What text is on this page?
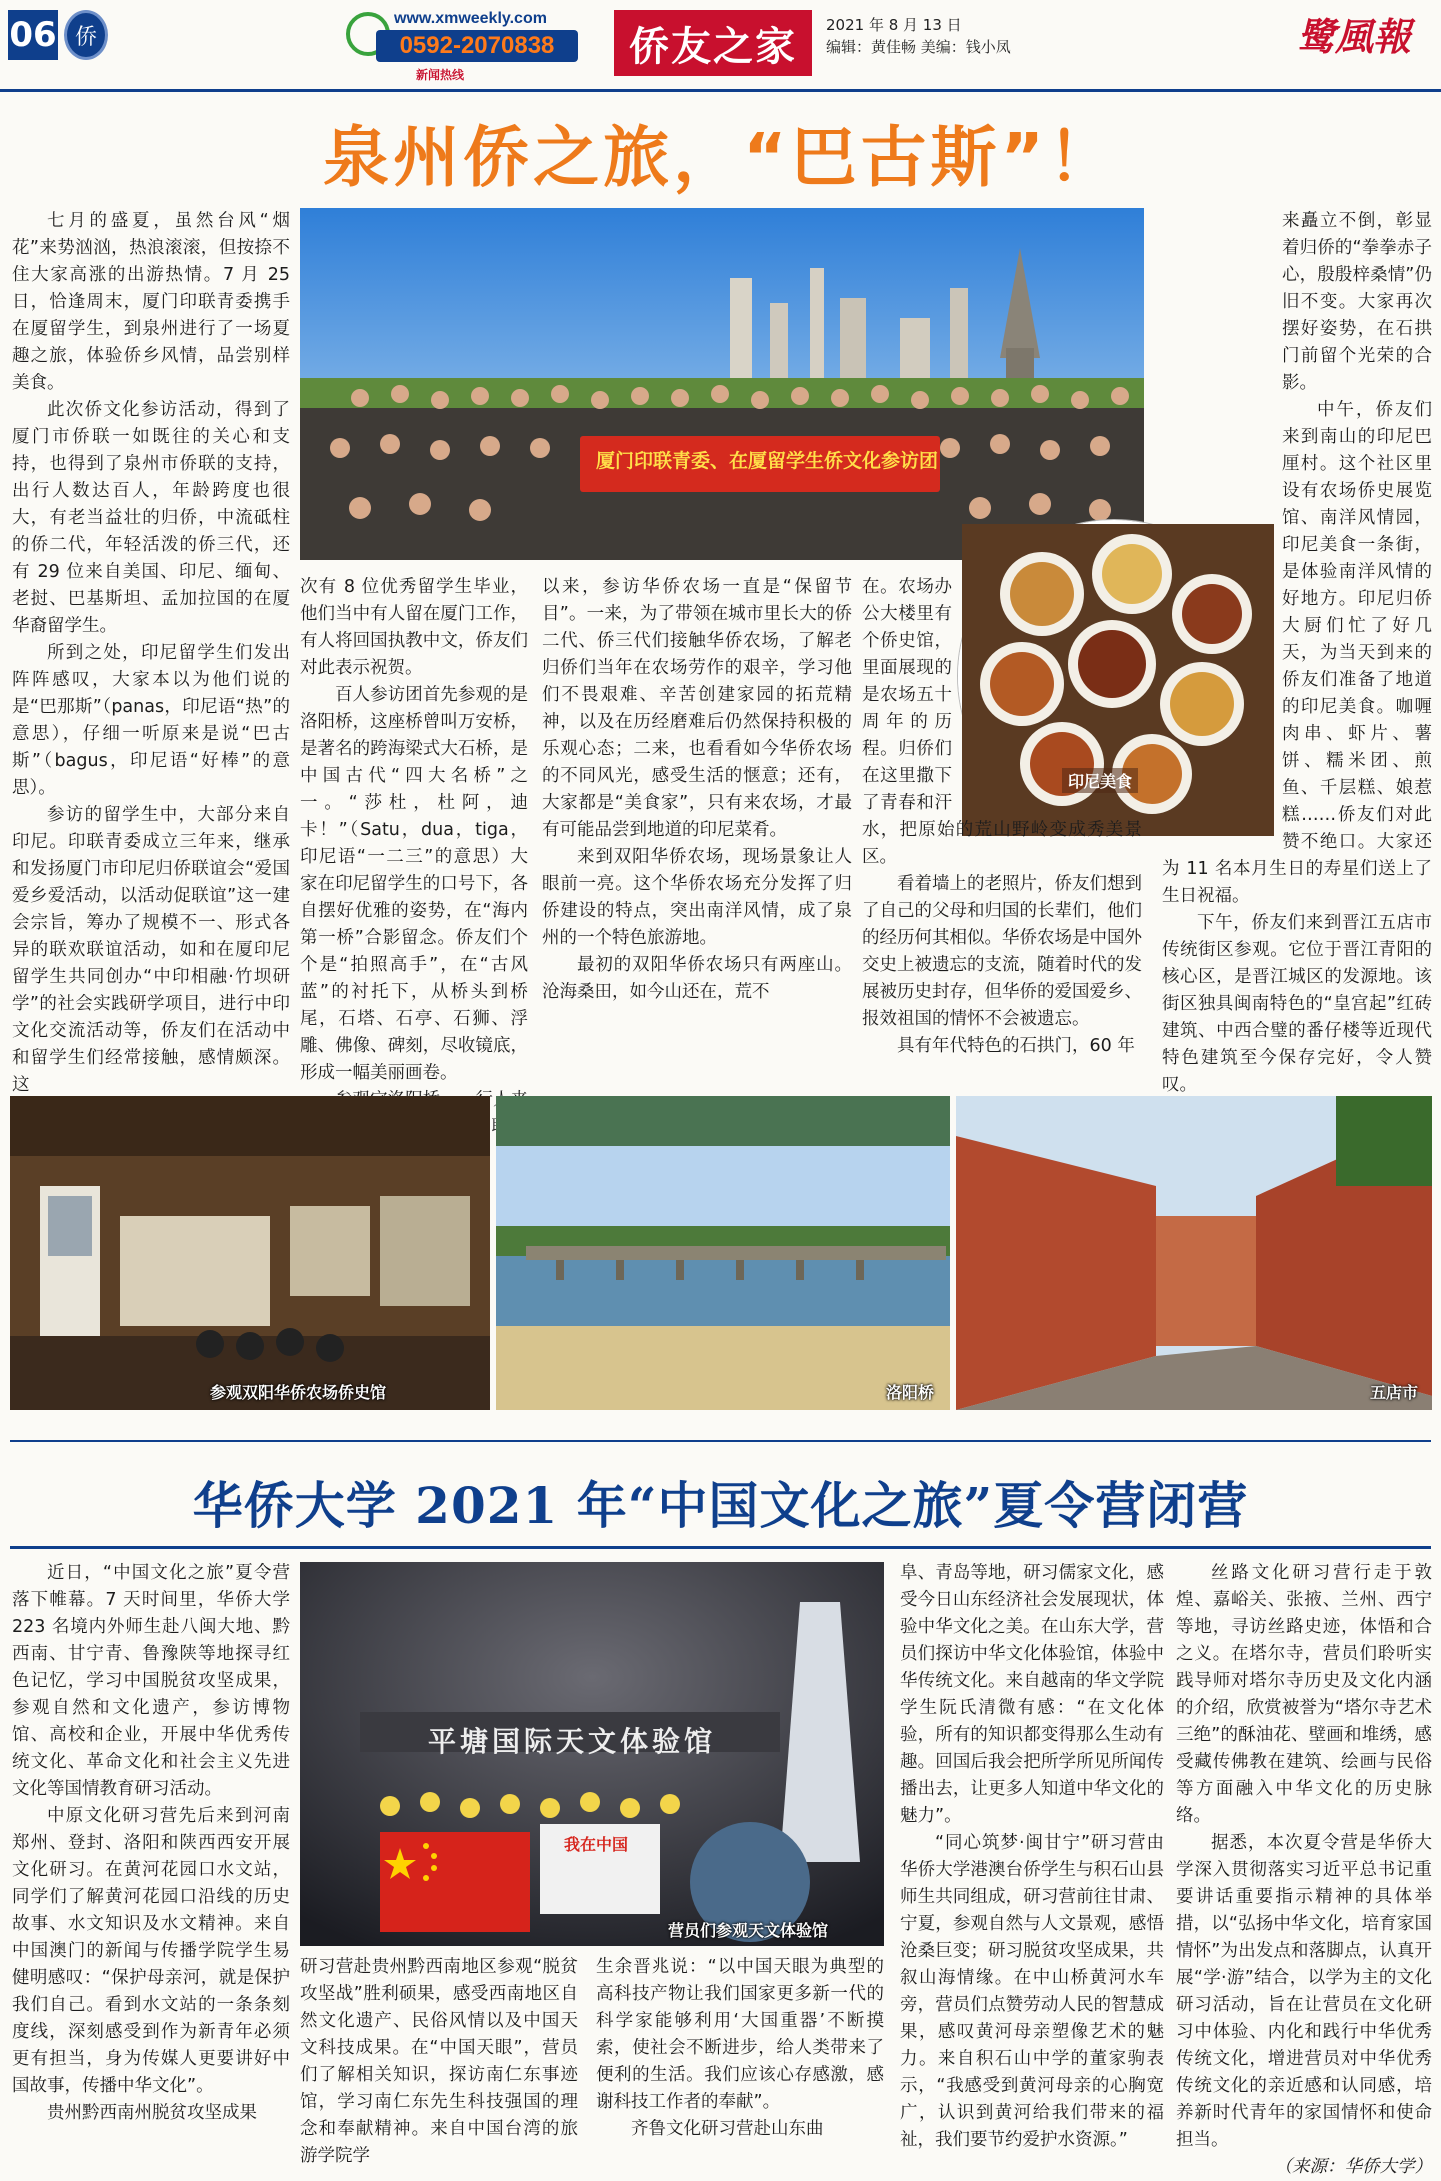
06 侨
www.xmweekly.com
0592-2070838
新闻热线
侨友之家	2021 年 8 月 13 日
编辑：黄佳畅 美编：钱小凤	鹭風報
泉州侨之旅，“巴古斯”！
厦门印联青委、在厦留学生侨文化参访团
印尼美食

七月的盛夏，虽然台风“烟花”来势汹汹，热浪滚滚，但按捺不住大家高涨的出游热情。7 月 25 日，恰逢周末，厦门印联青委携手在厦留学生，到泉州进行了一场夏趣之旅，体验侨乡风情，品尝别样美食。

此次侨文化参访活动，得到了厦门市侨联一如既往的关心和支持，也得到了泉州市侨联的支持，出行人数达百人，年龄跨度也很大，有老当益壮的归侨，中流砥柱的侨二代，年轻活泼的侨三代，还有 29 位来自美国、印尼、缅甸、老挝、巴基斯坦、孟加拉国的在厦华裔留学生。

所到之处，印尼留学生们发出阵阵感叹，大家本以为他们说的是“巴那斯”（panas，印尼语“热”的意思），仔细一听原来是说“巴古斯”（bagus，印尼语“好棒”的意思）。

参访的留学生中，大部分来自印尼。印联青委成立三年来，继承和发扬厦门市印尼归侨联谊会“爱国爱乡爱活动，以活动促联谊”这一建会宗旨，筹办了规模不一、形式各异的联欢联谊活动，如和在厦印尼留学生共同创办“中印相融·竹坝研学”的社会实践研学项目，进行中印文化交流活动等，侨友们在活动中和留学生们经常接触，感情颇深。这

次有 8 位优秀留学生毕业，他们当中有人留在厦门工作，有人将回国执教中文，侨友们对此表示祝贺。

百人参访团首先参观的是洛阳桥，这座桥曾叫万安桥，是著名的跨海梁式大石桥，是中国古代“四大名桥”之一。“莎杜，杜阿，迪卡！”（Satu，dua，tiga，印尼语“一二三”的意思）大家在印尼留学生的口号下，各自摆好优雅的姿势，在“海内第一桥”合影留念。侨友们个个是“拍照高手”，在“古风蓝”的衬托下，从桥头到桥尾，石塔、石亭、石狮、浮雕、佛像、碑刻，尽收镜底，形成一幅美丽画卷。

以来，参访华侨农场一直是“保留节目”。一来，为了带领在城市里长大的侨二代、侨三代们接触华侨农场，了解老归侨们当年在农场劳作的艰辛，学习他们不畏艰难、辛苦创建家园的拓荒精神，以及在历经磨难后仍然保持积极的乐观心态；二来，也看看如今华侨农场的不同风光，感受生活的惬意；还有，大家都是“美食家”，只有来农场，才最有可能品尝到地道的印尼菜肴。

来到双阳华侨农场，现场景象让人眼前一亮。这个华侨农场充分发挥了归侨建设的特点，突出南洋风情，成了泉州的一个特色旅游地。

最初的双阳华侨农场只有两座山。沧海桑田，如今山还在，荒不

在。农场办公大楼里有个侨史馆，里面展现的是农场五十周年的历程。归侨们在这里撒下了青春和汗水，把原始的荒山野岭变成秀美景区。

看着墙上的老照片，侨友们想到了自己的父母和归国的长辈们，他们的经历何其相似。华侨农场是中国外交史上被遗忘的支流，随着时代的发展被历史封存，但华侨的爱国爱乡、报效祖国的情怀不会被遗忘。

具有年代特色的石拱门，60 年

来矗立不倒，彰显着归侨的“拳拳赤子心，殷殷梓桑情”仍旧不变。大家再次摆好姿势，在石拱门前留个光荣的合影。

中午，侨友们来到南山的印尼巴厘村。这个社区里设有农场侨史展览馆、南洋风情园，印尼美食一条街，是体验南洋风情的好地方。印尼归侨大厨们忙了好几天，为当天到来的侨友们准备了地道的印尼美食。咖喱肉串、虾片、薯饼、糯米团、煎鱼、千层糕、娘惹糕……侨友们对此赞不绝口。大家还为 11 名本月生日的寿星们送上了生日祝福。

下午，侨友们来到晋江五店市传统街区参观。它位于晋江青阳的核心区，是晋江城区的发源地。该街区独具闽南特色的“皇宫起”红砖建筑、中西合璧的番仔楼等近现代特色建筑至今保存完好，令人赞叹。

参观双阳华侨农场侨史馆	洛阳桥	五店市
华侨大学 2021 年“中国文化之旅”夏令营闭营
平塘国际天文体验馆
我在中国
营员们参观天文体验馆

近日，“中国文化之旅”夏令营落下帷幕。7 天时间里，华侨大学 223 名境内外师生赴八闽大地、黔西南、甘宁青、鲁豫陕等地探寻红色记忆，学习中国脱贫攻坚成果，参观自然和文化遗产，参访博物馆、高校和企业，开展中华优秀传统文化、革命文化和社会主义先进文化等国情教育研习活动。

中原文化研习营先后来到河南郑州、登封、洛阳和陕西西安开展文化研习。在黄河花园口水文站，同学们了解黄河花园口沿线的历史故事、水文知识及水文精神。来自中国澳门的新闻与传播学院学生易健明感叹：“保护母亲河，就是保护我们自己。看到水文站的一条条刻度线，深刻感受到作为新青年必须更有担当，身为传媒人更要讲好中国故事，传播中华文化”。

贵州黔西南州脱贫攻坚成果

研习营赴贵州黔西南地区参观“脱贫攻坚战”胜利硕果，感受西南地区自然文化遗产、民俗风情以及中国天文科技成果。在“中国天眼”，营员们了解相关知识，探访南仁东事迹馆，学习南仁东先生科技强国的理念和奉献精神。来自中国台湾的旅游学院学

生余晋兆说：“以中国天眼为典型的高科技产物让我们国家更多新一代的科学家能够利用‘大国重器’不断摸索，使社会不断进步，给人类带来了便利的生活。我们应该心存感激，感谢科技工作者的奉献”。

齐鲁文化研习营赴山东曲

阜、青岛等地，研习儒家文化，感受今日山东经济社会发展现状，体验中华文化之美。在山东大学，营员们探访中华文化体验馆，体验中华传统文化。来自越南的华文学院学生阮氏清微有感：“在文化体验，所有的知识都变得那么生动有趣。回国后我会把所学所见所闻传播出去，让更多人知道中华文化的魅力”。

“同心筑梦·闽甘宁”研习营由华侨大学港澳台侨学生与积石山县师生共同组成，研习营前往甘肃、宁夏，参观自然与人文景观，感悟沧桑巨变；研习脱贫攻坚成果，共叙山海情缘。在中山桥黄河水车旁，营员们点赞劳动人民的智慧成果，感叹黄河母亲塑像艺术的魅力。来自积石山中学的董家驹表示，“我感受到黄河母亲的心胸宽广，认识到黄河给我们带来的福祉，我们要节约爱护水资源。”

丝路文化研习营行走于敦煌、嘉峪关、张掖、兰州、西宁等地，寻访丝路史迹，体悟和合之义。在塔尔寺，营员们聆听实践导师对塔尔寺历史及文化内涵的介绍，欣赏被誉为“塔尔寺艺术三绝”的酥油花、壁画和堆绣，感受藏传佛教在建筑、绘画与民俗等方面融入中华文化的历史脉络。

据悉，本次夏令营是华侨大学深入贯彻落实习近平总书记重要讲话重要指示精神的具体举措，以“弘扬中华文化，培育家国情怀”为出发点和落脚点，认真开展“学·游”结合，以学为主的文化研习活动，旨在让营员在文化研习中体验、内化和践行中华优秀传统文化，增进营员对中华优秀传统文化的亲近感和认同感，培养新时代青年的家国情怀和使命担当。

（来源：华侨大学）
